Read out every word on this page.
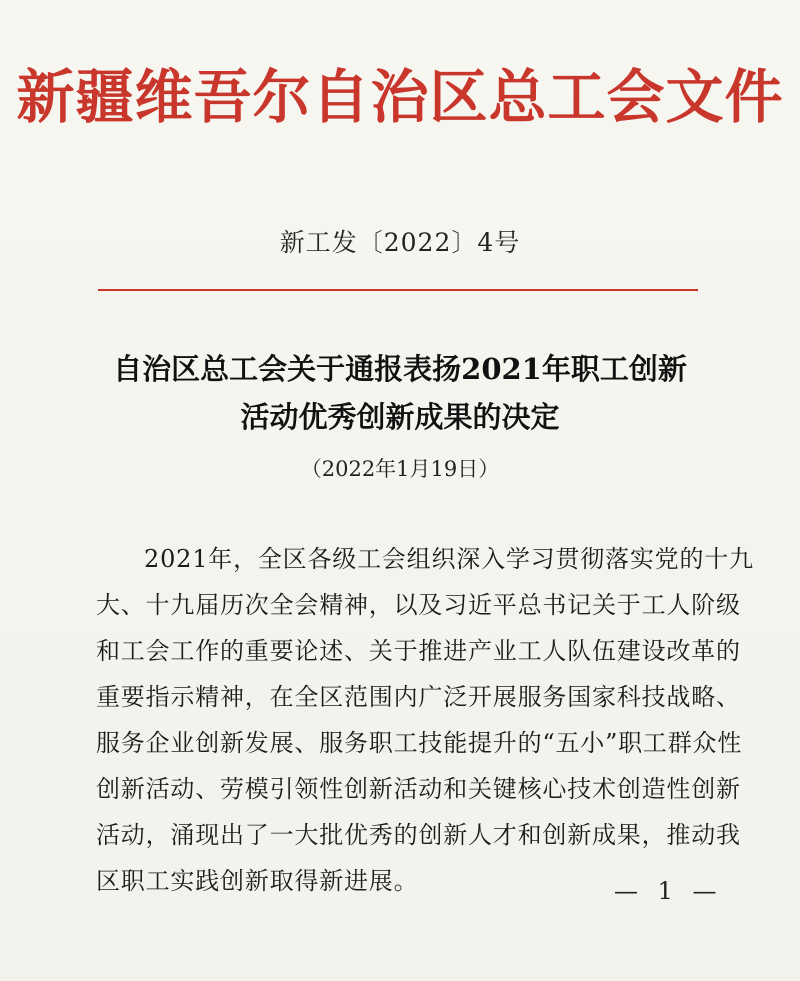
新疆维吾尔自治区总工会文件
新工发〔2022〕4号
自治区总工会关于通报表扬2021年职工创新
活动优秀创新成果的决定
（2022年1月19日）
2021年，全区各级工会组织深入学习贯彻落实党的十九
大、十九届历次全会精神，以及习近平总书记关于工人阶级
和工会工作的重要论述、关于推进产业工人队伍建设改革的
重要指示精神，在全区范围内广泛开展服务国家科技战略、
服务企业创新发展、服务职工技能提升的“五小”职工群众性
创新活动、劳模引领性创新活动和关键核心技术创造性创新
活动，涌现出了一大批优秀的创新人才和创新成果，推动我
区职工实践创新取得新进展。	— 1 —
